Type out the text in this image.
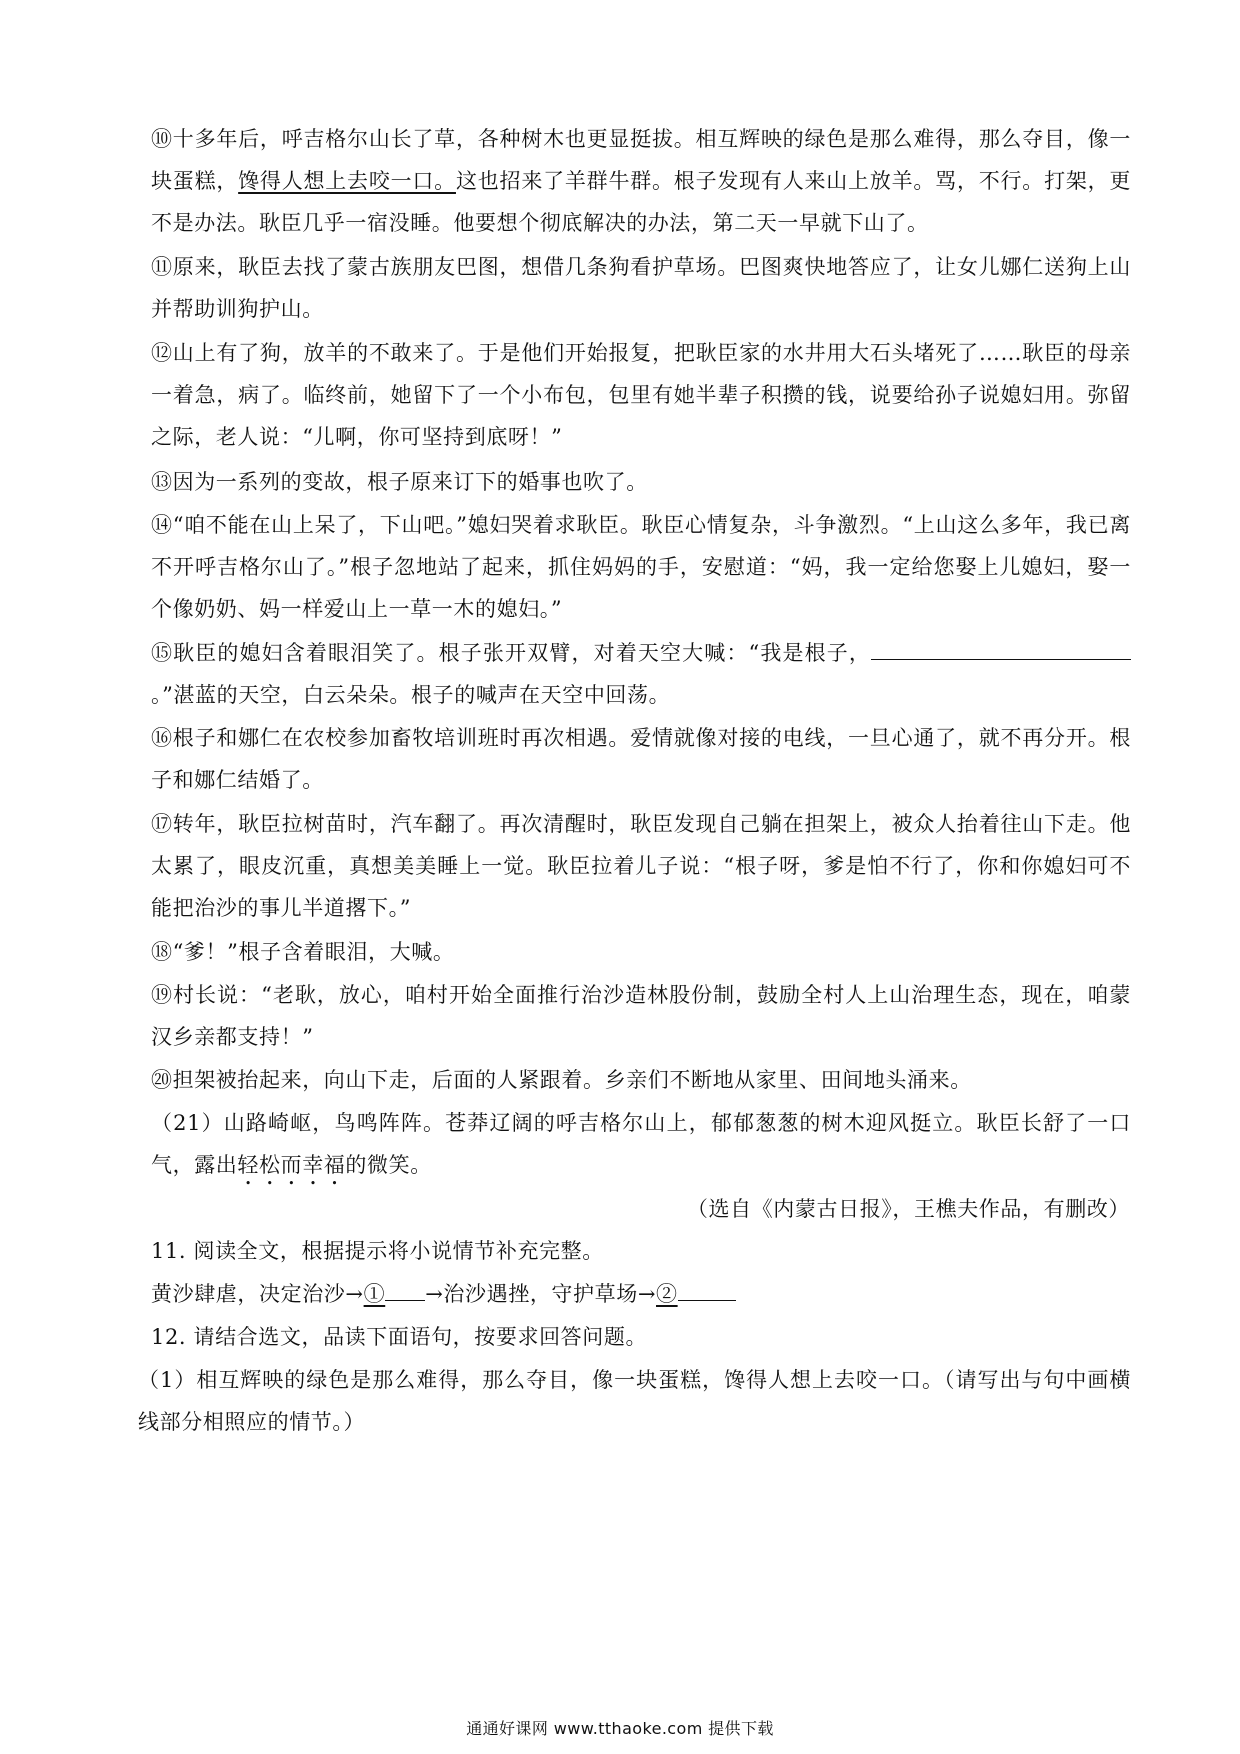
⑩十多年后，呼吉格尔山长了草，各种树木也更显挺拔。相互辉映的绿色是那么难得，那么夺目，像一块蛋糕，馋得人想上去咬一口。这也招来了羊群牛群。根子发现有人来山上放羊。骂，不行。打架，更不是办法。耿臣几乎一宿没睡。他要想个彻底解决的办法，第二天一早就下山了。
⑪原来，耿臣去找了蒙古族朋友巴图，想借几条狗看护草场。巴图爽快地答应了，让女儿娜仁送狗上山并帮助训狗护山。
⑫山上有了狗，放羊的不敢来了。于是他们开始报复，把耿臣家的水井用大石头堵死了……耿臣的母亲一着急，病了。临终前，她留下了一个小布包，包里有她半辈子积攒的钱，说要给孙子说媳妇用。弥留之际，老人说：“儿啊，你可坚持到底呀！”
⑬因为一系列的变故，根子原来订下的婚事也吹了。
⑭“咱不能在山上呆了，下山吧。”媳妇哭着求耿臣。耿臣心情复杂，斗争激烈。“上山这么多年，我已离不开呼吉格尔山了。”根子忽地站了起来，抓住妈妈的手，安慰道：“妈，我一定给您娶上儿媳妇，娶一个像奶奶、妈一样爱山上一草一木的媳妇。”
⑮耿臣的媳妇含着眼泪笑了。根子张开双臂，对着天空大喊：“我是根子，。”湛蓝的天空，白云朵朵。根子的喊声在天空中回荡。
⑯根子和娜仁在农校参加畜牧培训班时再次相遇。爱情就像对接的电线，一旦心通了，就不再分开。根子和娜仁结婚了。
⑰转年，耿臣拉树苗时，汽车翻了。再次清醒时，耿臣发现自己躺在担架上，被众人抬着往山下走。他太累了，眼皮沉重，真想美美睡上一觉。耿臣拉着儿子说：“根子呀，爹是怕不行了，你和你媳妇可不能把治沙的事儿半道撂下。”
⑱“爹！”根子含着眼泪，大喊。
⑲村长说：“老耿，放心，咱村开始全面推行治沙造林股份制，鼓励全村人上山治理生态，现在，咱蒙汉乡亲都支持！”
⑳担架被抬起来，向山下走，后面的人紧跟着。乡亲们不断地从家里、田间地头涌来。
（21）山路崎岖，鸟鸣阵阵。苍莽辽阔的呼吉格尔山上，郁郁葱葱的树木迎风挺立。耿臣长舒了一口气，露出轻松而幸福的微笑。
（选自《内蒙古日报》，王樵夫作品，有删改）
11. 阅读全文，根据提示将小说情节补充完整。
黄沙肆虐，决定治沙→① →治沙遇挫，守护草场→②
12. 请结合选文，品读下面语句，按要求回答问题。
（1）相互辉映的绿色是那么难得，那么夺目，像一块蛋糕，馋得人想上去咬一口。（请写出与句中画横线部分相照应的情节。）
通通好课网 www.tthaoke.com 提供下载
